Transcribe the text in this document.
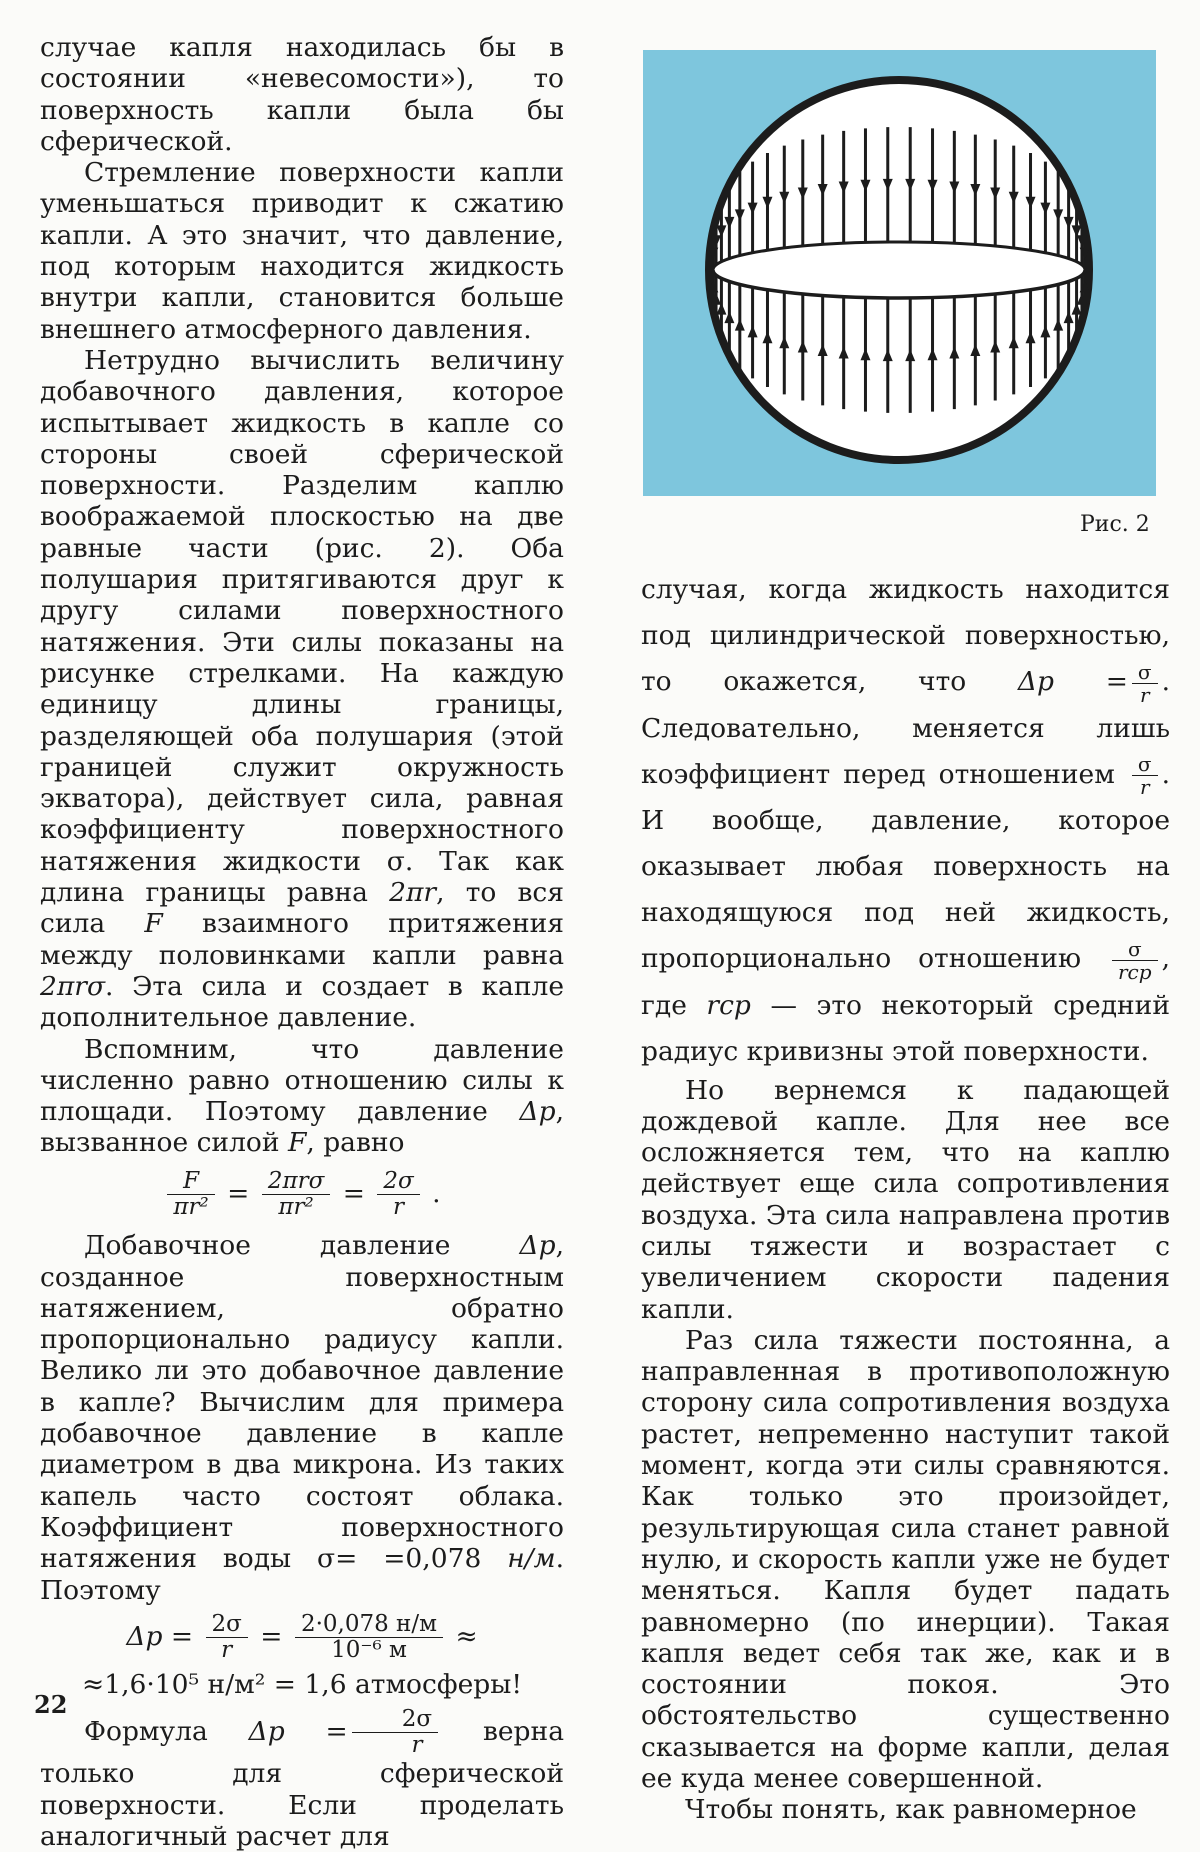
случае капля находилась бы в состоянии «невесомости»), то поверхность капли была бы сферической.

Стремление поверхности капли уменьшаться приводит к сжатию капли. А это значит, что давление, под которым находится жидкость внутри капли, становится больше внешнего атмосферного давления.

Нетрудно вычислить величину добавочного давления, которое испытывает жидкость в капле со стороны своей сферической поверхности. Разделим каплю воображаемой плоскостью на две равные части (рис. 2). Оба полушария притягиваются друг к другу силами поверхностного натяжения. Эти силы показаны на рисунке стрелками. На каждую единицу длины границы, разделяющей оба полушария (этой границей служит окружность экватора), действует сила, равная коэффициенту поверхностного натяжения жидкости σ. Так как длина границы равна 2πr, то вся сила F взаимного притяжения между половинками капли равна 2πrσ. Эта сила и создает в капле дополнительное давление.

Вспомним, что давление численно равно отношению силы к площади. Поэтому давление Δp, вызванное силой F, равно

$\frac{F}{\text{πr²}} = \frac{\text{2πrσ}}{\text{πr²}} = \frac{2\sigma}{r}$ .

Добавочное давление Δp, созданное поверхностным натяжением, обратно пропорционально радиусу капли. Велико ли это добавочное давление в капле? Вычислим для примера добавочное давление в капле диаметром в два микрона. Из таких капель часто состоят облака. Коэффициент поверхностного натяжения воды σ= =0,078 н/м. Поэтому

$\Delta p = \frac{2\sigma}{r} = \frac{2\cdot 0,078 н/м}{\text{10⁻⁶ м}}$ ≈
≈1,6·10⁵ н/м² = 1,6 атмосферы!

Формула $\Delta p = \frac{2\sigma}{r}$ верна только для сферической поверхности. Если проделать аналогичный расчет для

Рис. 2

случая, когда жидкость находится под цилиндрической поверхностью, то окажется, что $\Delta p = \frac{\sigma}{r}$ . Следовательно, меняется лишь коэффициент перед отношением $\frac{\sigma}{r}$ . И вообще, давление, которое оказывает любая поверхность на находящуюся под ней жидкость, пропорционально отношению $\frac{\sigma}{\text{rср}}$ , где rср — это некоторый средний радиус кривизны этой поверхности.

Но вернемся к падающей дождевой капле. Для нее все осложняется тем, что на каплю действует еще сила сопротивления воздуха. Эта сила направлена против силы тяжести и возрастает с увеличением скорости падения капли.

Раз сила тяжести постоянна, а направленная в противоположную сторону сила сопротивления воздуха растет, непременно наступит такой момент, когда эти силы сравняются. Как только это произойдет, результирующая сила станет равной нулю, и скорость капли уже не будет меняться. Капля будет падать равномерно (по инерции). Такая капля ведет себя так же, как и в состоянии покоя. Это обстоятельство существенно сказывается на форме капли, делая ее куда менее совершенной.

Чтобы понять, как равномерное

22
